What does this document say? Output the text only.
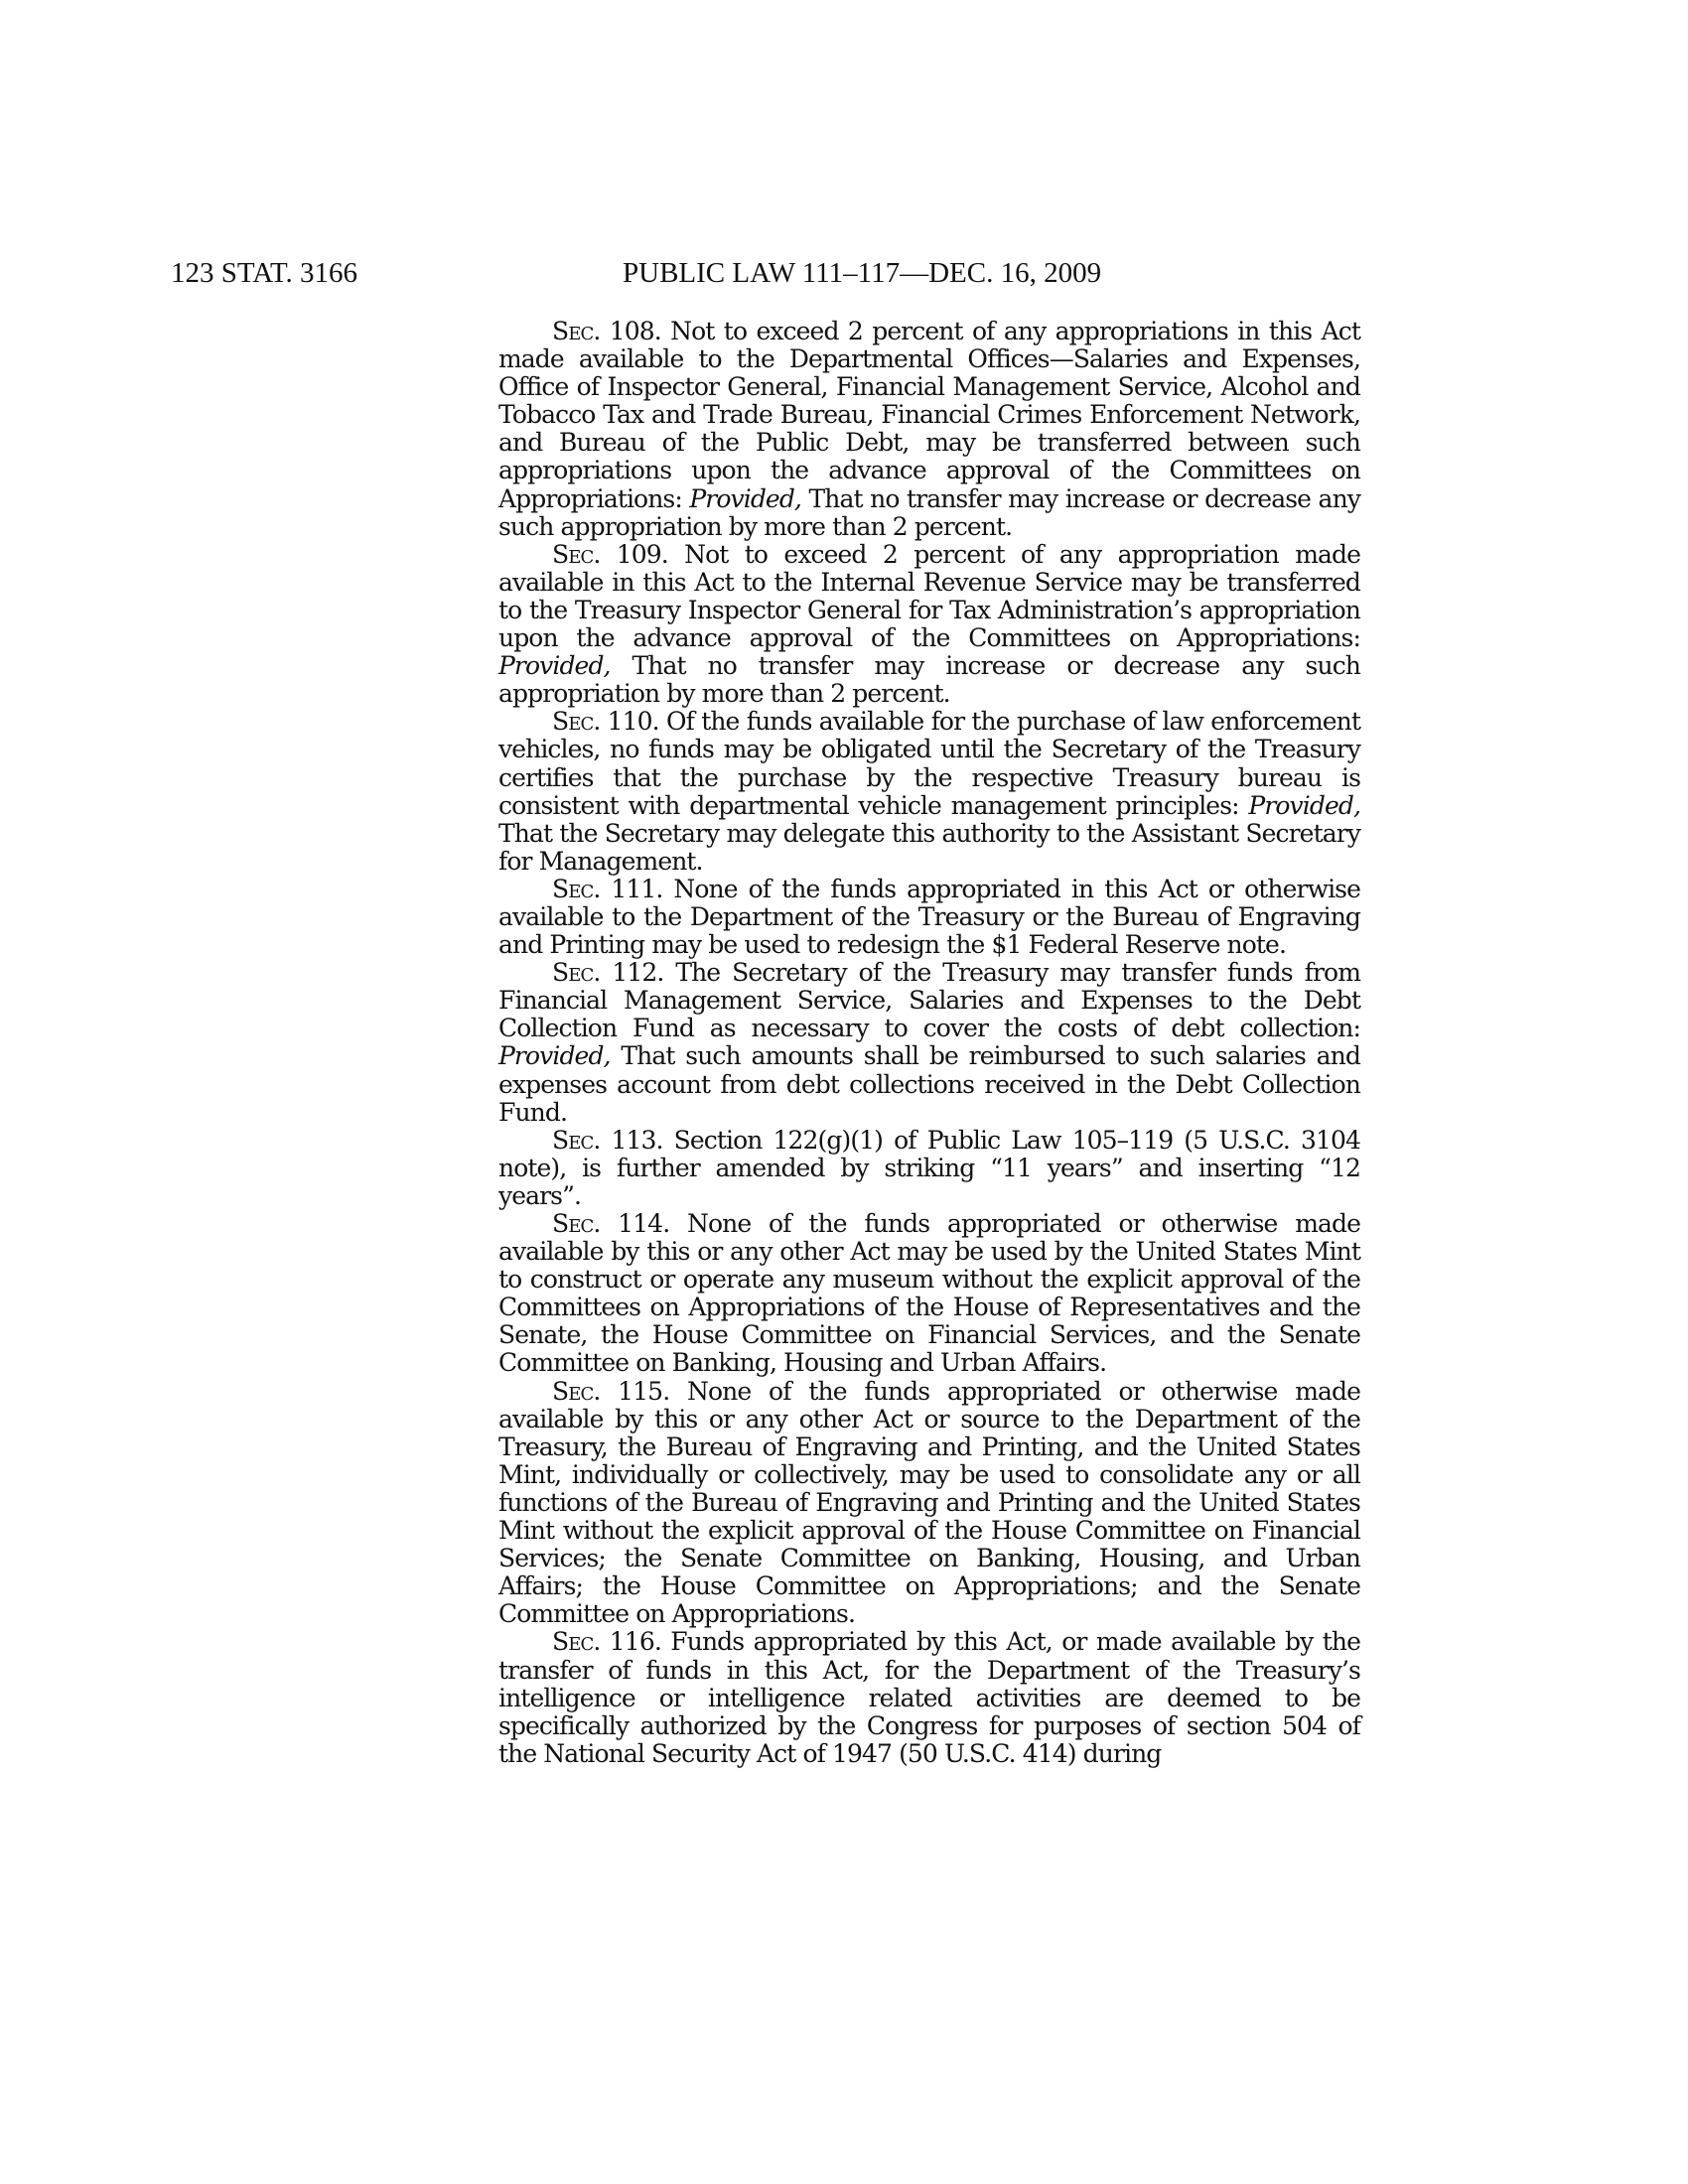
123 STAT. 3166	PUBLIC LAW 111–117—DEC. 16, 2009

Sec. 108. Not to exceed 2 percent of any appropriations in this Act made available to the Departmental Offices—Salaries and Expenses, Office of Inspector General, Financial Management Service, Alcohol and Tobacco Tax and Trade Bureau, Financial Crimes Enforcement Network, and Bureau of the Public Debt, may be transferred between such appropriations upon the advance approval of the Committees on Appropriations: Provided, That no transfer may increase or decrease any such appropriation by more than 2 percent.

Sec. 109. Not to exceed 2 percent of any appropriation made available in this Act to the Internal Revenue Service may be transferred to the Treasury Inspector General for Tax Administration’s appropriation upon the advance approval of the Committees on Appropriations: Provided, That no transfer may increase or decrease any such appropriation by more than 2 percent.

Sec. 110. Of the funds available for the purchase of law enforcement vehicles, no funds may be obligated until the Secretary of the Treasury certifies that the purchase by the respective Treasury bureau is consistent with departmental vehicle management principles: Provided, That the Secretary may delegate this authority to the Assistant Secretary for Management.

Sec. 111. None of the funds appropriated in this Act or otherwise available to the Department of the Treasury or the Bureau of Engraving and Printing may be used to redesign the $1 Federal Reserve note.

Sec. 112. The Secretary of the Treasury may transfer funds from Financial Management Service, Salaries and Expenses to the Debt Collection Fund as necessary to cover the costs of debt collection: Provided, That such amounts shall be reimbursed to such salaries and expenses account from debt collections received in the Debt Collection Fund.

Sec. 113. Section 122(g)(1) of Public Law 105–119 (5 U.S.C. 3104 note), is further amended by striking “11 years” and inserting “12 years”.

Sec. 114. None of the funds appropriated or otherwise made available by this or any other Act may be used by the United States Mint to construct or operate any museum without the explicit approval of the Committees on Appropriations of the House of Representatives and the Senate, the House Committee on Financial Services, and the Senate Committee on Banking, Housing and Urban Affairs.

Sec. 115. None of the funds appropriated or otherwise made available by this or any other Act or source to the Department of the Treasury, the Bureau of Engraving and Printing, and the United States Mint, individually or collectively, may be used to consolidate any or all functions of the Bureau of Engraving and Printing and the United States Mint without the explicit approval of the House Committee on Financial Services; the Senate Committee on Banking, Housing, and Urban Affairs; the House Committee on Appropriations; and the Senate Committee on Appropriations.

Sec. 116. Funds appropriated by this Act, or made available by the transfer of funds in this Act, for the Department of the Treasury’s intelligence or intelligence related activities are deemed to be specifically authorized by the Congress for purposes of section 504 of the National Security Act of 1947 (50 U.S.C. 414) during
